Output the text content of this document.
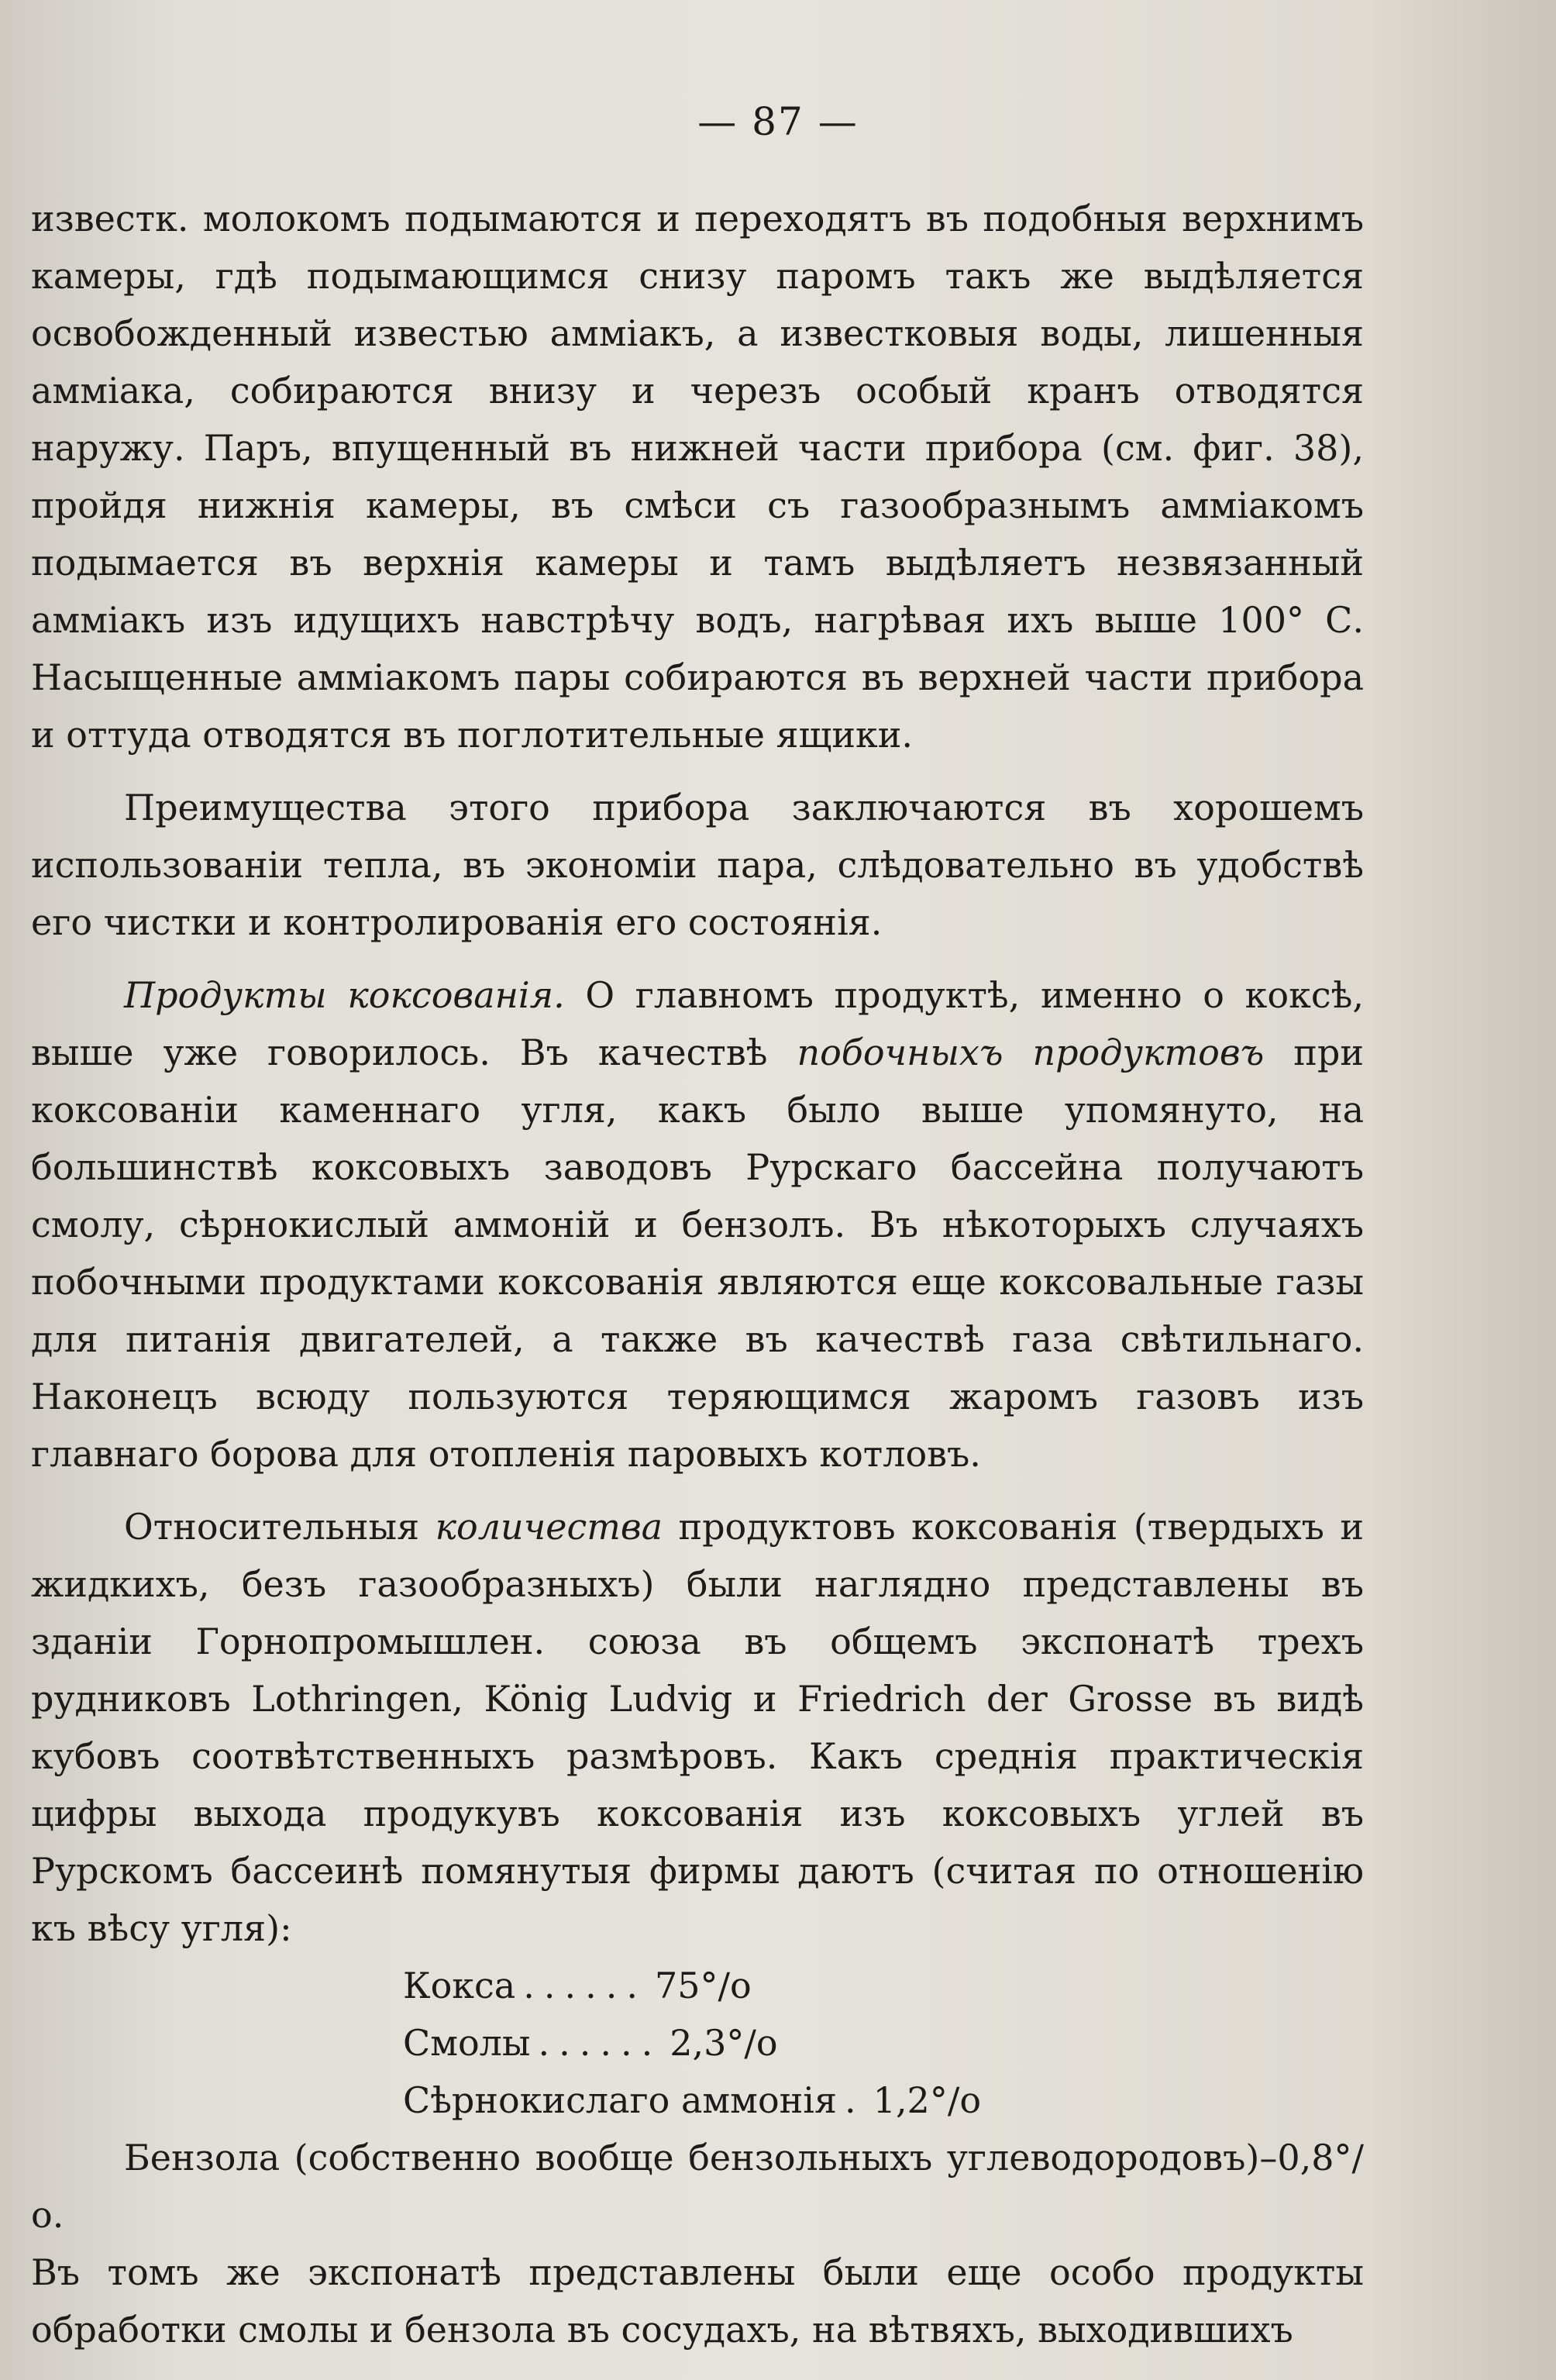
— 87 —

известк. молокомъ подымаются и переходятъ въ подобныя верхнимъ камеры, гдѣ подымающимся снизу паромъ такъ же выдѣляется освобожденный известью амміакъ, а известковыя воды, лишенныя амміака, собираются внизу и черезъ особый кранъ отводятся наружу. Паръ, впущенный въ нижней части прибора (см. фиг. 38), пройдя нижнія камеры, въ смѣси съ газообразнымъ амміакомъ подымается въ верхнія камеры и тамъ выдѣляетъ незвязанный амміакъ изъ идущихъ навстрѣчу водъ, нагрѣвая ихъ выше 100° С. Насыщенные амміакомъ пары собираются въ верхней части прибора и оттуда отводятся въ поглотительные ящики.

Преимущества этого прибора заключаются въ хорошемъ использованіи тепла, въ экономіи пара, слѣдовательно въ удобствѣ его чистки и контролированія его состоянія.

Продукты коксованія. О главномъ продуктѣ, именно о коксѣ, выше уже говорилось. Въ качествѣ побочныхъ продуктовъ при коксованіи каменнаго угля, какъ было выше упомянуто, на большинствѣ коксовыхъ заводовъ Рурскаго бассейна получаютъ смолу, сѣрнокислый аммоній и бензолъ. Въ нѣкоторыхъ случаяхъ побочными продуктами коксованія являются еще коксовальные газы для питанія двигателей, а также въ качествѣ газа свѣтильнаго. Наконецъ всюду пользуются теряющимся жаромъ газовъ изъ главнаго борова для отопленія паровыхъ котловъ.

Относительныя количества продуктовъ коксованія (твердыхъ и жидкихъ, безъ газообразныхъ) были наглядно представлены въ зданіи Горнопромышлен. союза въ общемъ экспонатѣ трехъ рудниковъ Lothringen, König Ludvig и Friedrich der Grosse въ видѣ кубовъ соотвѣтственныхъ размѣровъ. Какъ среднія практическія цифры выхода продукувъ коксованія изъ коксовыхъ углей въ Рурскомъ бассеинѣ помянутыя фирмы даютъ (считая по отношенію къ вѣсу угля):

Кокса ...... 75°/о
Смолы ...... 2,3°/о
Сѣрнокислаго аммонія . 1,2°/о

Бензола (собственно вообще бензольныхъ углеводородовъ)–0,8°/о.

Въ томъ же экспонатѣ представлены были еще особо продукты обработки смолы и бензола въ сосудахъ, на вѣтвяхъ, выходившихъ
